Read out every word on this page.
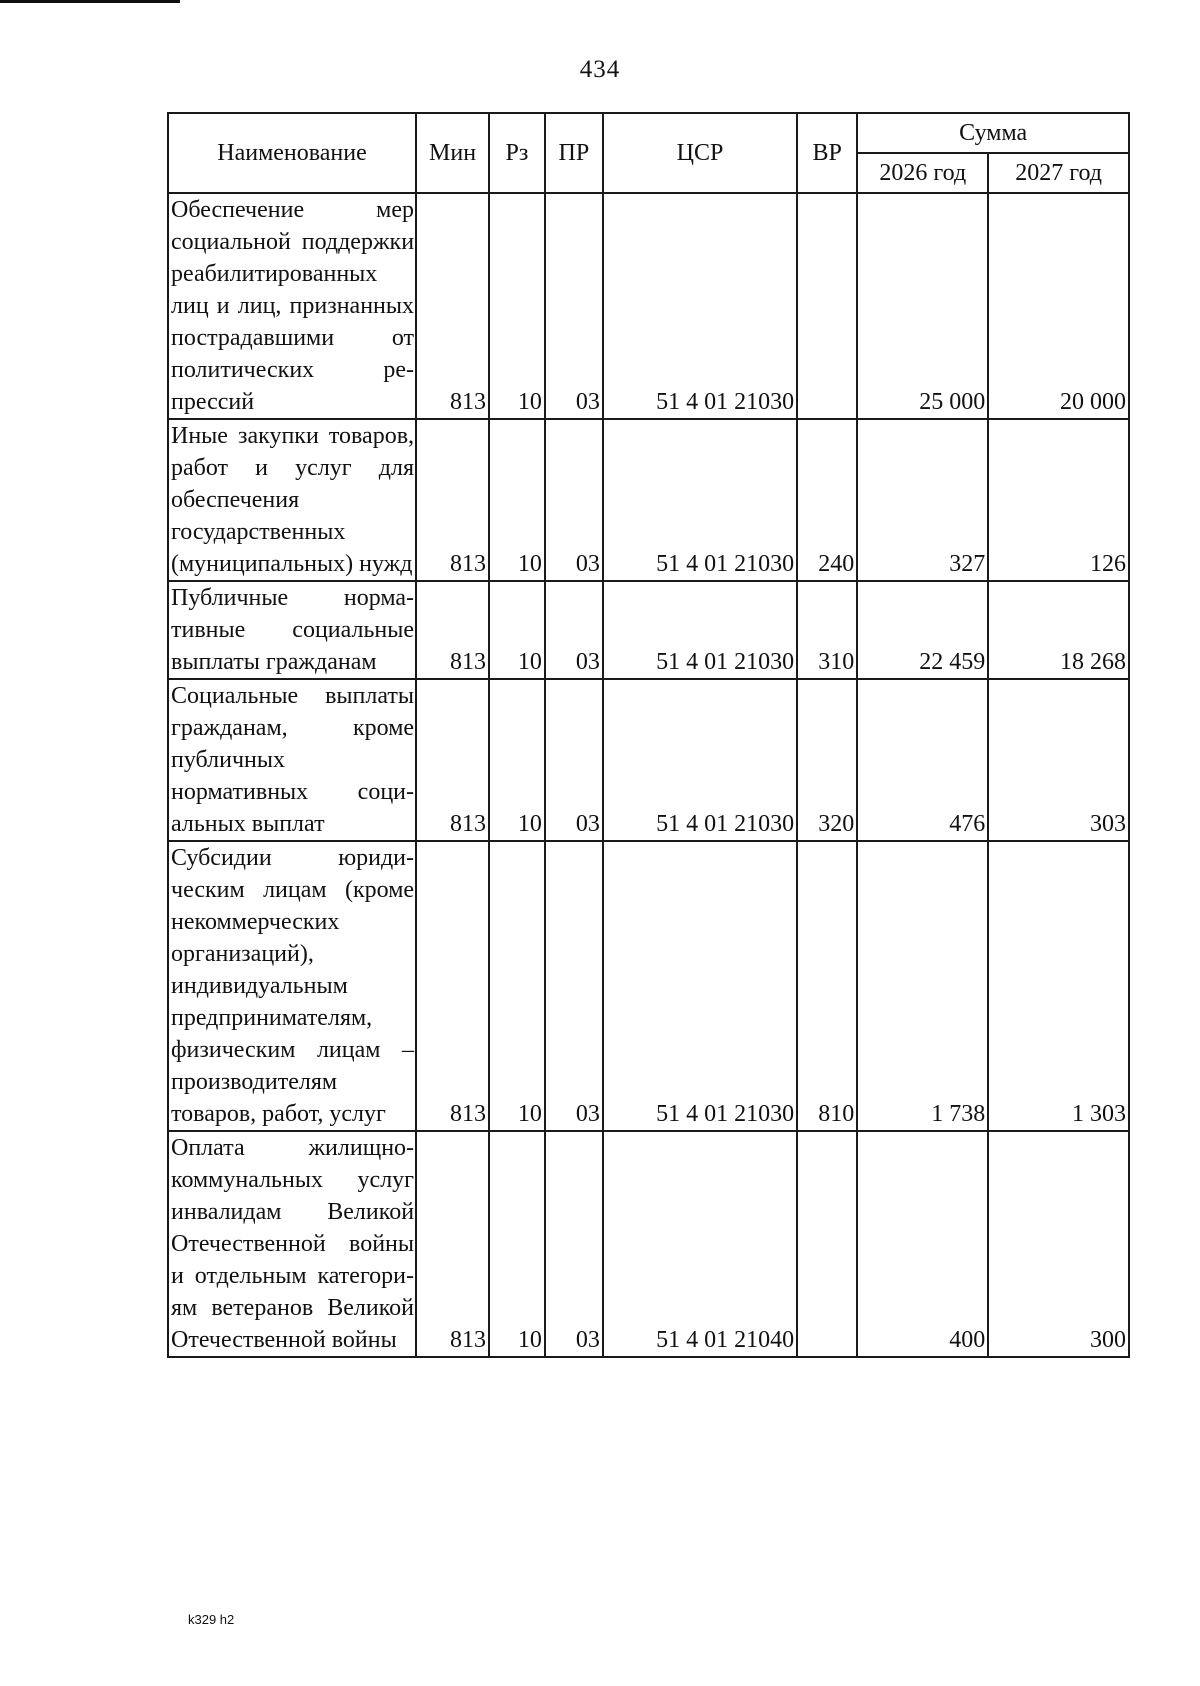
434
Наименование	Мин	Рз	ПР	ЦСР	ВР	Сумма	
						2026 год	2027 год
Обеспечение мер социальной поддержки реабилитированных лиц и лиц, признанных пострадавшими от политических репрессий	813	10	03	51 4 01 21030		25 000	20 000
Иные закупки товаров, работ и услуг для обеспечения государственных (муниципальных) нужд	813	10	03	51 4 01 21030	240	327	126
Публичные нормативные социальные выплаты гражданам	813	10	03	51 4 01 21030	310	22 459	18 268
Социальные выплаты гражданам, кроме публичных нормативных социальных выплат	813	10	03	51 4 01 21030	320	476	303
Субсидии юридическим лицам (кроме некоммерческих организаций), индивидуальным предпринимателям, физическим лицам – производителям товаров, работ, услуг	813	10	03	51 4 01 21030	810	1 738	1 303
Оплата жилищно-коммунальных услуг инвалидам Великой Отечественной войны и отдельным категориям ветеранов Великой Отечественной войны	813	10	03	51 4 01 21040		400	300
k329 h2
